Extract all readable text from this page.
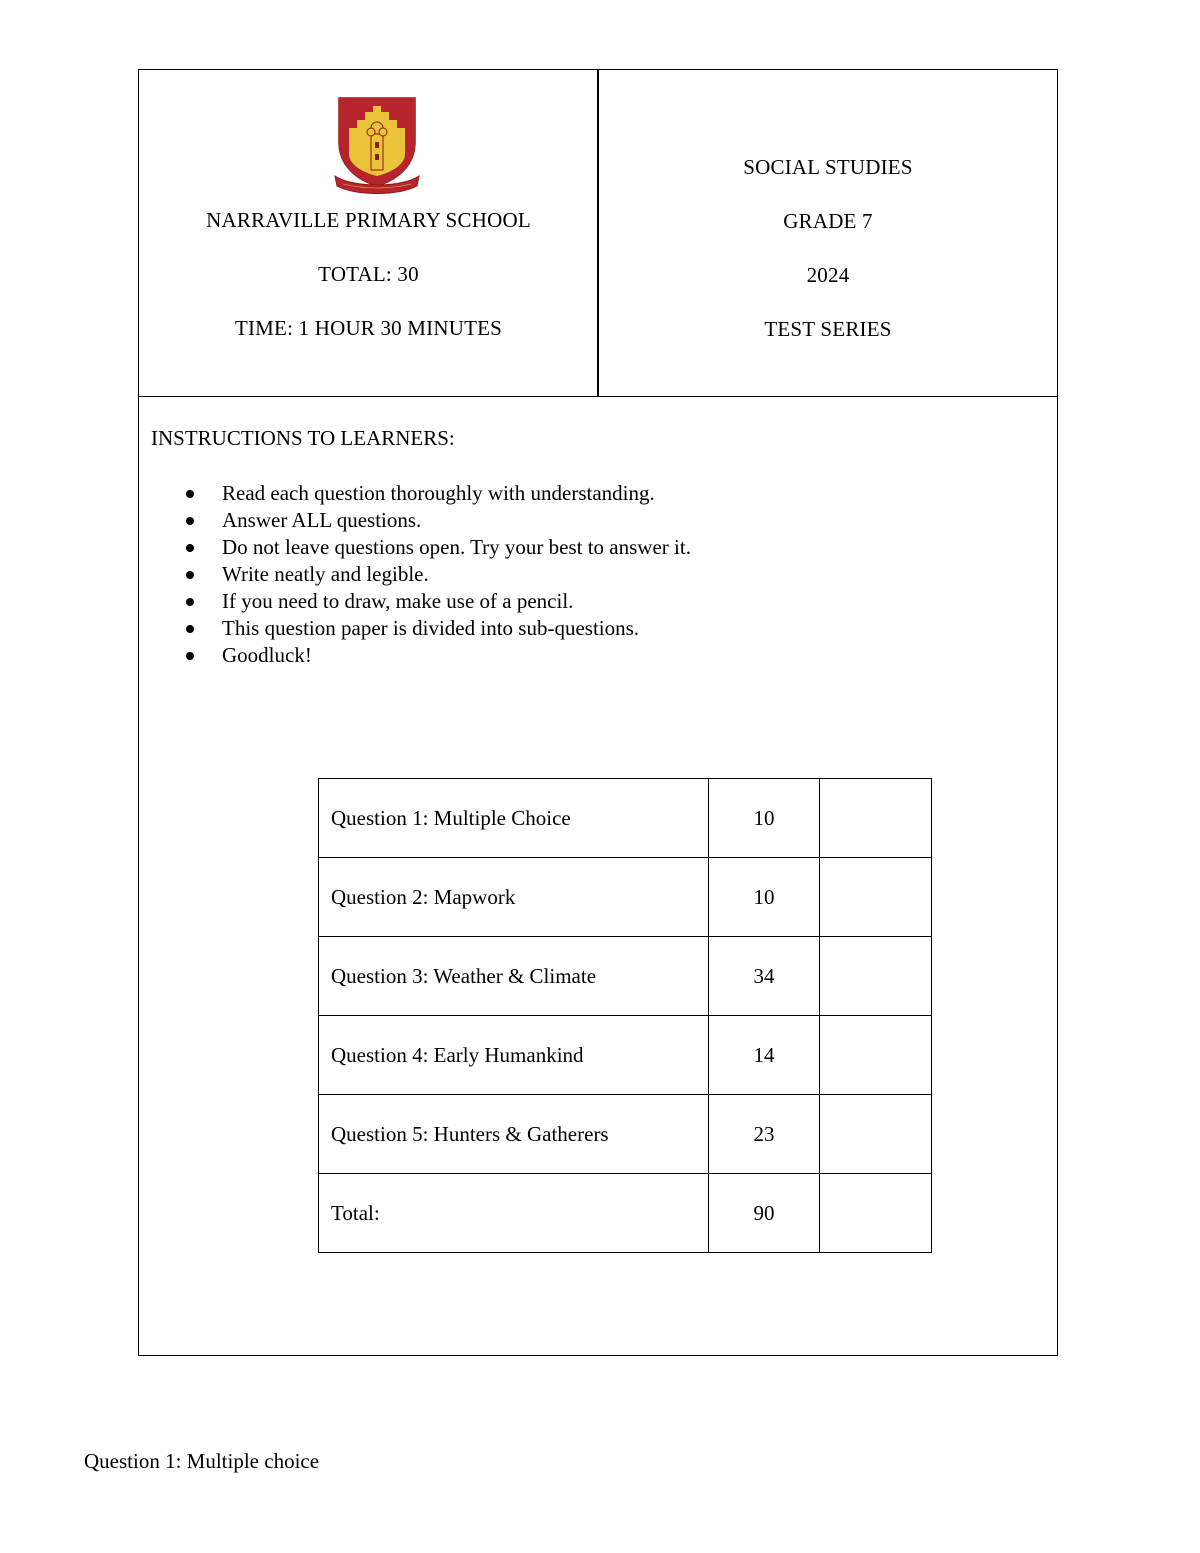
NARRAVILLE PRIMARY SCHOOL
TOTAL: 30
TIME: 1 HOUR 30 MINUTES
SOCIAL STUDIES
GRADE 7
2024
TEST SERIES
INSTRUCTIONS TO LEARNERS:
Read each question thoroughly with understanding.
Answer ALL questions.
Do not leave questions open. Try your best to answer it.
Write neatly and legible.
If you need to draw, make use of a pencil.
This question paper is divided into sub-questions.
Goodluck!
Question 1: Multiple Choice	10	
Question 2: Mapwork	10	
Question 3: Weather & Climate	34	
Question 4: Early Humankind	14	
Question 5: Hunters & Gatherers	23	
Total:	90	
Question 1: Multiple choice
